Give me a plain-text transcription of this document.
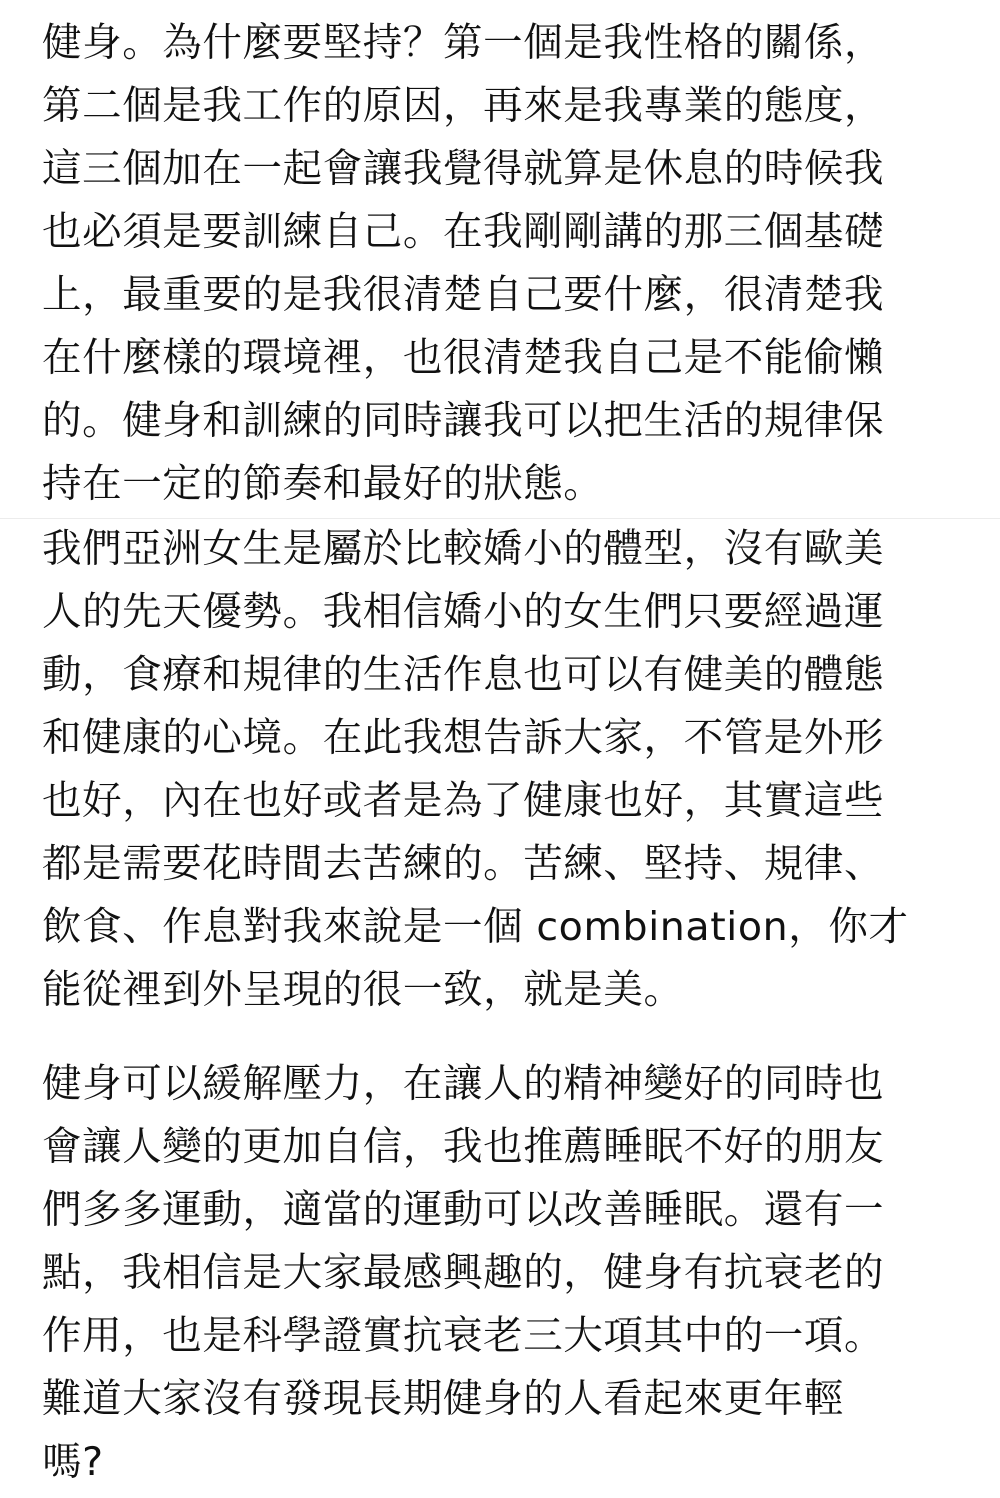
健身。為什麼要堅持？第一個是我性格的關係，
第二個是我工作的原因，再來是我專業的態度，
這三個加在一起會讓我覺得就算是休息的時候我
也必須是要訓練自己。在我剛剛講的那三個基礎
上，最重要的是我很清楚自己要什麼，很清楚我
在什麼樣的環境裡，也很清楚我自己是不能偷懶
的。健身和訓練的同時讓我可以把生活的規律保
持在一定的節奏和最好的狀態。
我們亞洲女生是屬於比較嬌小的體型，沒有歐美
人的先天優勢。我相信嬌小的女生們只要經過運
動，食療和規律的生活作息也可以有健美的體態
和健康的心境。在此我想告訴大家，不管是外形
也好，內在也好或者是為了健康也好，其實這些
都是需要花時間去苦練的。苦練、堅持、規律、
飲食、作息對我來說是一個 combination，你才
能從裡到外呈現的很一致，就是美。
健身可以緩解壓力，在讓人的精神變好的同時也
會讓人變的更加自信，我也推薦睡眠不好的朋友
們多多運動，適當的運動可以改善睡眠。還有一
點，我相信是大家最感興趣的，健身有抗衰老的
作用，也是科學證實抗衰老三大項其中的一項。
難道大家沒有發現長期健身的人看起來更年輕
嗎?
